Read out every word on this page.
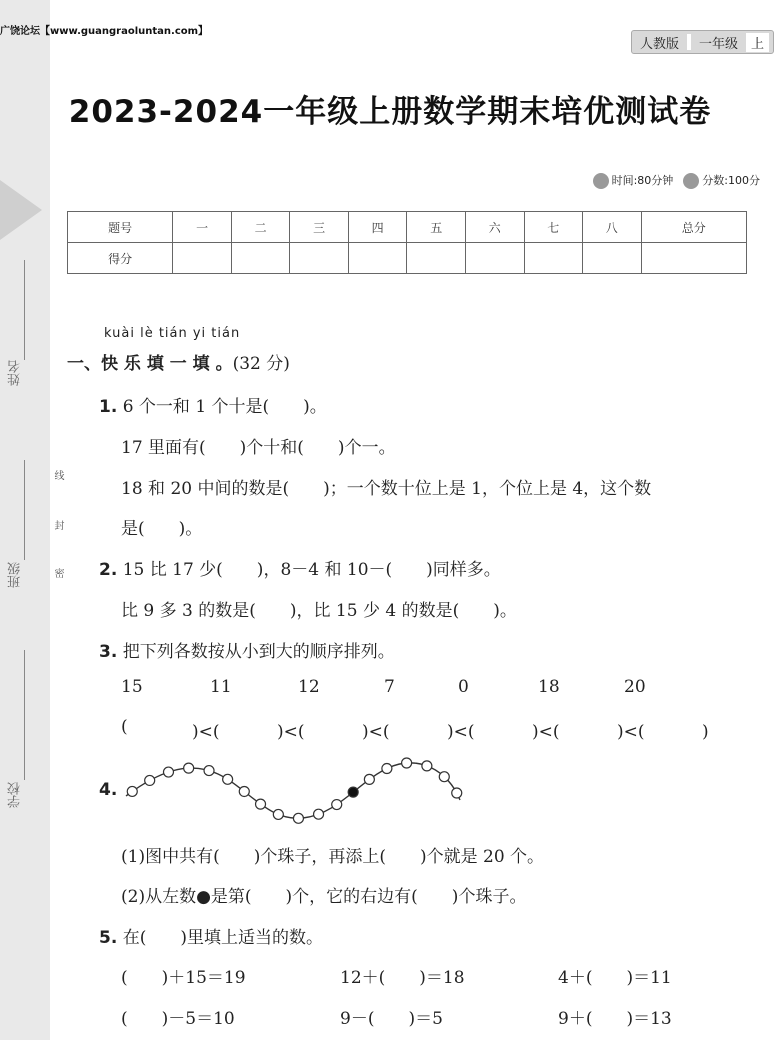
姓名
班级
学校
线
封
密
广饶论坛【www.guangraoluntan.com】
人教版	一年级	上
2023-2024一年级上册数学期末培优测试卷
时间:80分钟	分数:100分
题号	一	二	三	四	五	六	七	八	总分
得分									
kuài lè tián yi tián
一、快 乐 填 一 填 。(32 分)
1. 6 个一和 1 个十是(　　)。
17 里面有(　　)个十和(　　)个一。
18 和 20 中间的数是(　　)；一个数十位上是 1，个位上是 4，这个数
是(　　)。
2. 15 比 17 少(　　)，8－4 和 10－(　　)同样多。
比 9 多 3 的数是(　　)，比 15 少 4 的数是(　　)。
3. 把下列各数按从小到大的顺序排列。
15	11	12	7	0	18	20
(	　)<( 　)<( 　)<( 　)<( 　)<( 　)<( 　)
4.
(1)图中共有(　　)个珠子，再添上(　　)个就是 20 个。
(2)从左数●是第(　　)个，它的右边有(　　)个珠子。
5. 在(　　)里填上适当的数。
(　　)＋15＝19	12＋(　　)＝18	4＋(　　)＝11
(　　)－5＝10	9－(　　)＝5	9＋(　　)＝13
